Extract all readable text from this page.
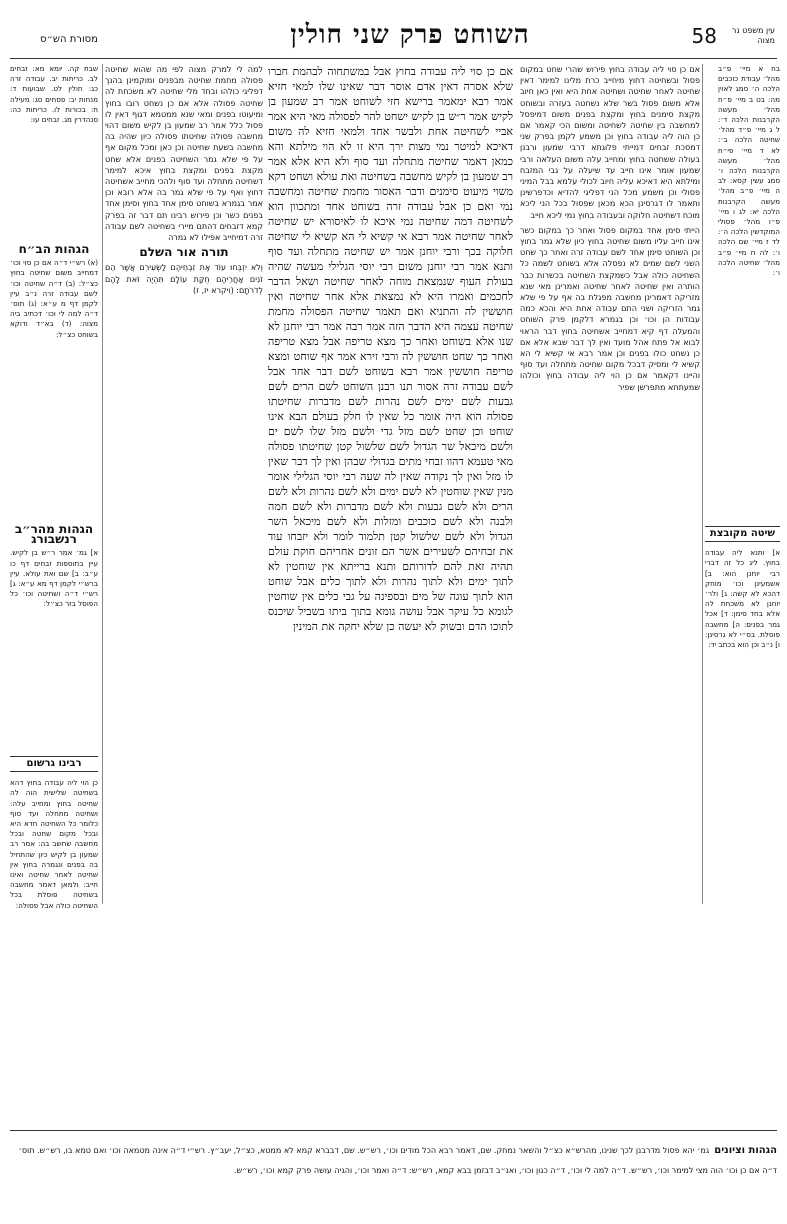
מסורת הש״ס	השוחט פרק שני חולין	58 עין משפט נר מצוה

בח א מיי׳ פ״ב מהל׳ עבודת כוכבים הלכה ה׳ סמג לאוין מה: בט ב מיי׳ פ״ח מהל׳ מעשה הקרבנות הלכה ד׳: ל ג מיי׳ פ״ד מהל׳ שחיטה הלכה ב׳: לא ד מיי׳ פי״ח מהל׳ מעשה הקרבנות הלכה ו׳ סמג עשין קסא: לב ה מיי׳ פ״ב מהל׳ מעשה הקרבנות הלכה יא: לג ו מיי׳ פ״ו מהל׳ פסולי המוקדשין הלכה ה׳: לד ז מיי׳ שם הלכה ו׳: לה ח מיי׳ פ״ב מהל׳ שחיטה הלכה ו׳:

שיטה מקובצת

א] ותנא ליה עבודה בחוץ. ליג כל זה דברי רבי יוחנן הוא: ב] אשמעינן וכו׳ מוחק דהכא לא קשה: ג] ולר׳ יוחנן לא משכחת לה אלא בחד סימן: ד] אכל גמר בפנים: ה] מחשבה פוסלת. בס״י לא גרסינן: ו] נ״ב וכן הוא בכתב יד:

אם כן סוי ליה עבודה בחוץ פירוש שהרי שחט במקום פסול ובשחיטה דחוץ מיחייב כרת מלינו למימר דאין שחיטה לאחר שחיטה ושחיטה אחת היא ואין כאן חיוב אלא משום פסול בשר שלא נשחטה בעזרה ובשוחט מקצת סימנים בחוץ ומקצת בפנים משום דמיפסל למחשבה בין שחיטה לשחיטה ומשום הכי קאמר אם כן הוה ליה עבודה בחוץ וכן משמע לקמן בפרק שני דמסכת זבחים דמייתי פלוגתא דרבי שמעון ורבנן בעולה ששחטה בחוץ ומחייב עלה משום העלאה ורבי שמעון אומר אינו חייב עד שיעלה על גבי המזבח ומילתא היא דאיכא עליה חיוב לכולי עלמא בבל המיני פסולי וכן משמע מכל הני דפליגי להדיא וכדפרשינן ותאמר לו דגרסינן הכא מכאן שפסול בכל הני ליכא מוכח דשחיטה חלוקה ובעבודה בחוץ נמי ליכא חייב

הייתי סימן אחד במקום פסול ואחר כך במקום כשר אינו חייב עליו משום שחיטה בחוץ כיון שלא גמר בחוץ וכן השוחט סימן אחד לשם עבודה זרה ואחר כך שחט השני לשם שמים לא נפסלה אלא בשוחט לשמה כל השחיטה כולה אבל כשמקצת השחיטה בכשרות כבר הותרה ואין שחיטה לאחר שחיטה ואמרינן מאי שנא מזריקה דאמרינן מחשבה מפגלת בה אף על פי שלא גמר הזריקה ושני התם עבודה אחת היא והכא כמה עבודות הן וכו׳ וכן בגמרא דלקמן פרק השוחט והמעלה דף קיא דמחייב אשחיטה בחוץ דבר הראוי לבוא אל פתח אהל מועד ואין לך דבר שבא אלא אם כן נשחט כולו בפנים וכן אמר רבא אי קשיא לי הא קשיא לי ומסיק דבכל מקום שחיטה מתחלה ועד סוף והיינו דקאמר אם כן הוי ליה עבודה בחוץ וכולהו שמעתתא מתפרשן שפיר

אם כן סוי ליה עבודה בחוץ אבל במשתחוה לבהמת חברו שלא אסרה דאין אדם אוסר דבר שאינו שלו למאי חזיא אמר רבא ימאמר ברישא חזי לשוחט אמר רב שמעון בן לקיש אמר ר״ש בן לקיש ישחט להר לפסולה מאי היא אמר אביי לשחיטה אחת ולבשר אחד ולמאי חזיא לה משום דאיכא למיטר נמי מצות ירך היא זו לא הוי מילתא והא כמאן דאמר שחיטה מתחלה ועד סוף ולא היא אלא אמר רב שמעון בן לקיש מחשבה בשחיטה ואת עולא ושחט דקא משוי מיעוט סימנים ודבר האסור מחמת שחיטה ומחשבה נמי ואם כן אבל עבודה זרה בשוחט אחד ומתכוון הוא לשחיטה דמה שחיטה נמי איכא לו לאיסורא יש שחיטה לאחר שחיטה אמר רבא אי קשיא לי הא קשיא לי שחיטה חלוקה בכך ורבי יוחנן אמר יש שחיטה מתחלה ועד סוף ותנא אמר רבי יוחנן משום רבי יוסי הגלילי מעשה שהיה בעולת העוף שנמצאת מוחה לאחר שחיטה ושאל הדבר לחכמים ואמרו היא לא נמצאת אלא אחר שחיטה ואין חוששין לה והתניא ואם תאמר שחיטה הפסולה מחמת שחיטה עצמה היא הדבר הזה אמר רבה אמר רבי יוחנן לא שנו אלא בשוחט ואחר כך מצא טריפה אבל מצא טריפה ואחר כך שחט חוששין לה ורבי זירא אמר אף שוחט ומצא טריפה חוששין אמר רבא בשוחט לשם דבר אחר אבל לשם עבודה זרה אסור תנו רבנן השוחט לשם הרים לשם גבעות לשם ימים לשם נהרות לשם מדברות שחיטתו פסולה הוא היה אומר כל שאין לו חלק בעולם הבא אינו שוחט וכן שחט לשם מזל גדי ולשם מזל שלו לשם ים ולשם מיכאל שר הגדול לשם שלשול קטן שחיטתו פסולה מאי טעמא דהוו זבחי מתים בגדולי שבהן ואין לך דבר שאין לו מזל ואין לך נקודה שאין לה שעה רבי יוסי הגלילי אומר מנין שאין שוחטין לא לשם ימים ולא לשם נהרות ולא לשם הרים ולא לשם גבעות ולא לשם מדברות ולא לשם חמה ולבנה ולא לשם כוכבים ומזלות ולא לשם מיכאל השר הגדול ולא לשם שלשול קטן תלמוד לומר ולא יזבחו עוד את זבחיהם לשעירים אשר הם זונים אחריהם חוקת עולם תהיה זאת להם לדורותם ותנא ברייתא אין שוחטין לא לתוך ימים ולא לתוך נהרות ולא לתוך כלים אבל שוחט הוא לתוך עוגה של מים ובספינה על גבי כלים אין שוחטין לגומא כל עיקר אבל עושה גומא בתוך ביתו בשביל שיכנס לתוכו הדם ובשוק לא יעשה כן שלא יחקה את המינין

למה לי למרק מצוה לפי מה שהוא שחיטה פסולה מחמת שחיטה מבפנים ומוקמינן בהנך דפליגי כולהו ובחד מלי שחיטה לא משכחת לה שחיטה פסולה אלא אם כן נשחט רובו בחוץ ומיעוטו בפנים ומאי שנא ממטמא דגוף דאין לו פסול כלל אמר רב שמעון בן לקיש משום דהוי מחשבה פסולה שחיטתו פסולה כיון שהיה בה מחשבה בשעת שחיטה וכן כאן ומכל מקום אף על פי שלא גמר השחיטה בפנים אלא שחט מקצת בפנים ומקצת בחוץ איכא למימר דשחיטה מתחלה ועד סוף ולהכי מחייב אשחיטה דחוץ ואף על פי שלא גמר בה אלא רובא וכן אמר בגמרא בשוחט סימן אחד בחוץ וסימן אחד בפנים כשר וכן פירוש רבינו תם דבר זה בפרק קמא דזבחים דהתם מיירי בשחיטה לשם עבודה זרה דמיחייב אפילו לא גמרה

תורה אור השלם

וְלֹא יִזְבְּחוּ עוֹד אֶת זִבְחֵיהֶם לַשְּׂעִירִם אֲשֶׁר הֵם זֹנִים אַחֲרֵיהֶם חֻקַּת עוֹלָם תִּהְיֶה זֹּאת לָהֶם לְדֹרֹתָם: (ויקרא יז, ז)

שבת קה. יומא מא: זבחים לב. כריתות יב. עבודה זרה כג: חולין לט. שבועות ד: מנחות יב: פסחים סג: מעילה ח: בכורות לו. כריתות כה: סנהדרין מג. זבחים עו:

הגהות הב״ח

(א) רש״י ד״ה אם כן סוי וכו׳ דמחייב משום שחיטה בחוץ כצ״ל: (ב) ד״ה שחיטה וכו׳ לשם עבודה זרה נ״ב עיין לקמן דף מ ע״א: (ג) תוס׳ ד״ה למה לי וכו׳ דכתיב ביה מצוה: (ד) בא״ד ודוקא בשוחט כצ״ל:

הגהות מהר״ב רנשבורג

א] גמ׳ אמר ר״ש בן לקיש. עיין בתוספות זבחים דף כו ע״ב: ב] שם ואת עולא. עיין ברש״י לקמן דף מא ע״א: ג] רש״י ד״ה ושחיטה וכו׳ כל הפוסל בזר כצ״ל:

רבינו גרשום

כן הוי ליה עבודה בחוץ דהא בשחיטה שלישית הוה לה שחיטה בחוץ ומחייב עלה: ושחיטה מתחלה ועד סוף כלומר כל השחיטה חדא היא ובכל מקום שחטה ובכל מחשבה שחשב בה: אמר רב שמעון בן לקיש כיון שהתחיל בה בפנים ונגמרה בחוץ אין שחיטה לאחר שחיטה ואינו חייב: ולמאן דאמר מחשבה בשחיטה פוסלת בכל השחיטה כולה אבל פסולה:

הגהות וציונים גמ׳ יהא פסול מדרבנן לכך שנינו, מהרש״א כצ״ל והשאר נמחק. שם, דאמר רבא הכל מודים וכו׳, רש״ש. שם, דבברא קמא לא ממטא, כצ״ל, יעב״ץ. רש״י ד״ה אינה מטמאה וכו׳ ואם טמא בו, רש״ש. תוס׳ ד״ה אם כן וכו׳ הוה מצי למימר וכו׳, רש״ש. ד״ה למה לי וכו׳, ד״ה כגון וכו׳, ואנ״ב דבזמן בבא קמא, רש״ש: ד״ה ואמר וכו׳, והגיה עושה פרק קמא וכו׳, רש״ש.
